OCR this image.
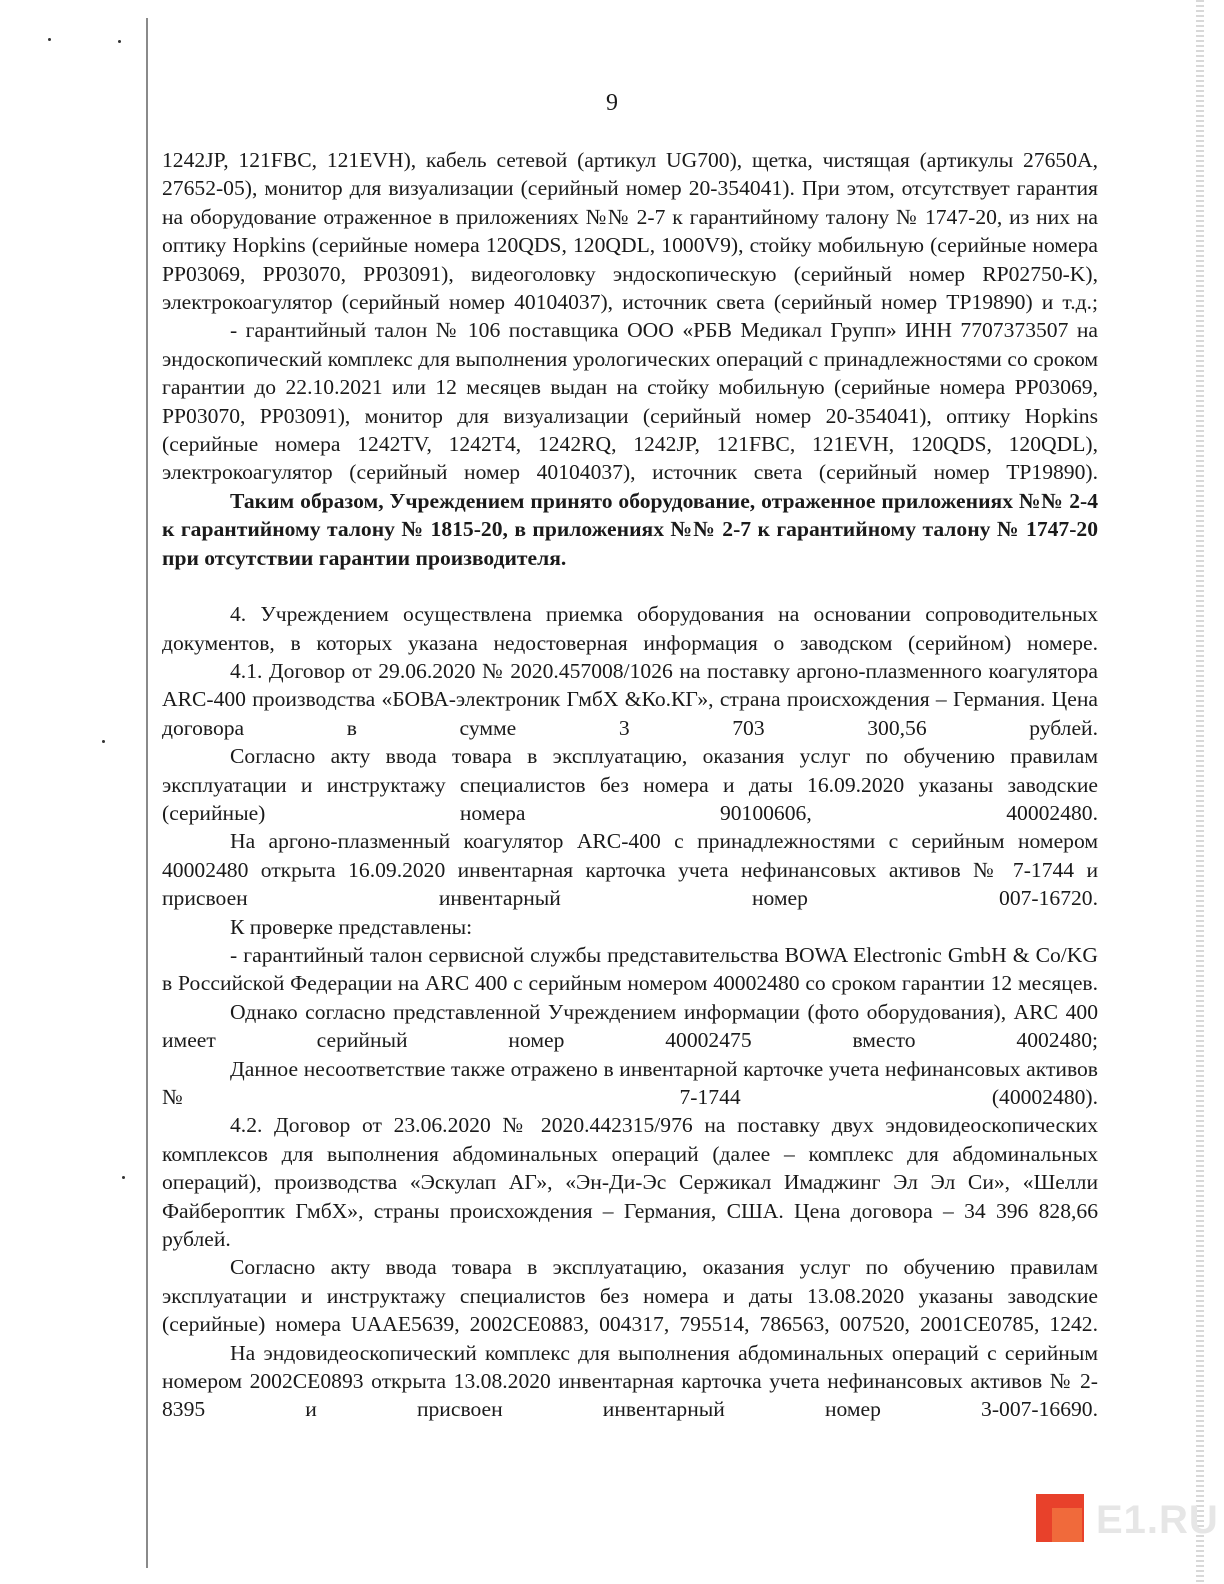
9

1242JP, 121FBC, 121EVH), кабель сетевой (артикул UG700), щетка, чистящая (артикулы 27650A, 27652-05), монитор для визуализации (серийный номер 20-354041). При этом, отсутствует гарантия на оборудование отраженное в приложениях №№ 2-7 к гарантийному талону № 1747-20, из них на оптику Hopkins (серийные номера 120QDS, 120QDL, 1000V9), стойку мобильную (серийные номера PP03069, PP03070, PP03091), видеоголовку эндоскопическую (серийный номер RP02750-K), электрокоагулятор (серийный номер 40104037), источник света (серийный номер TP19890) и т.д.;

- гарантийный талон № 106 поставщика ООО «РБВ Медикал Групп» ИНН 7707373507 на эндоскопический комплекс для выполнения урологических операций с принадлежностями со сроком гарантии до 22.10.2021 или 12 месяцев выдан на стойку мобильную (серийные номера PP03069, PP03070, PP03091), монитор для визуализации (серийный номер 20-354041), оптику Hopkins (серийные номера 1242TV, 1242T4, 1242RQ, 1242JP, 121FBC, 121EVH, 120QDS, 120QDL), электрокоагулятор (серийный номер 40104037), источник света (серийный номер TP19890).

Таким образом, Учреждением принято оборудование, отраженное приложениях №№ 2-4 к гарантийному талону № 1815-20, в приложениях №№ 2-7 к гарантийному талону № 1747-20 при отсутствии гарантии производителя.

4. Учреждением осуществлена приемка оборудования на основании сопроводительных документов, в которых указана недостоверная информация о заводском (серийном) номере.

4.1. Договор от 29.06.2020 № 2020.457008/1026 на поставку аргоно-плазменного коагулятора ARC-400 производства «БОВА-электроник ГмбХ &Ко.КГ», страна происхождения – Германия. Цена договора в сумме 3 703 300,56 рублей.

Согласно акту ввода товара в эксплуатацию, оказания услуг по обучению правилам эксплуатации и инструктажу специалистов без номера и даты 16.09.2020 указаны заводские (серийные) номера 90100606, 40002480.

На аргоно-плазменный коагулятор ARC-400 с принадлежностями с серийным номером 40002480 открыта 16.09.2020 инвентарная карточка учета нефинансовых активов № 7-1744 и присвоен инвентарный номер 007-16720.

К проверке представлены:

- гарантийный талон сервисной службы представительства BOWA Electronic GmbH & Co/KG в Российской Федерации на ARC 400 с серийным номером 40002480 со сроком гарантии 12 месяцев.

Однако согласно представленной Учреждением информации (фото оборудования), ARC 400 имеет серийный номер 40002475 вместо 4002480;

Данное несоответствие также отражено в инвентарной карточке учета нефинансовых активов № 7-1744 (40002480).

4.2. Договор от 23.06.2020 № 2020.442315/976 на поставку двух эндовидеоскопических комплексов для выполнения абдоминальных операций (далее – комплекс для абдоминальных операций), производства «Эскулап АГ», «Эн-Ди-Эс Сержикал Имаджинг Эл Эл Си», «Шелли Файбероптик ГмбХ», страны происхождения – Германия, США. Цена договора – 34 396 828,66 рублей.

Согласно акту ввода товара в эксплуатацию, оказания услуг по обучению правилам эксплуатации и инструктажу специалистов без номера и даты 13.08.2020 указаны заводские (серийные) номера UAAE5639, 2002CE0883, 004317, 795514, 786563, 007520, 2001CE0785, 1242.

На эндовидеоскопический комплекс для выполнения абдоминальных операций с серийным номером 2002CE0893 открыта 13.08.2020 инвентарная карточка учета нефинансовых активов № 2-8395 и присвоен инвентарный номер 3-007-16690.

E1.RU
